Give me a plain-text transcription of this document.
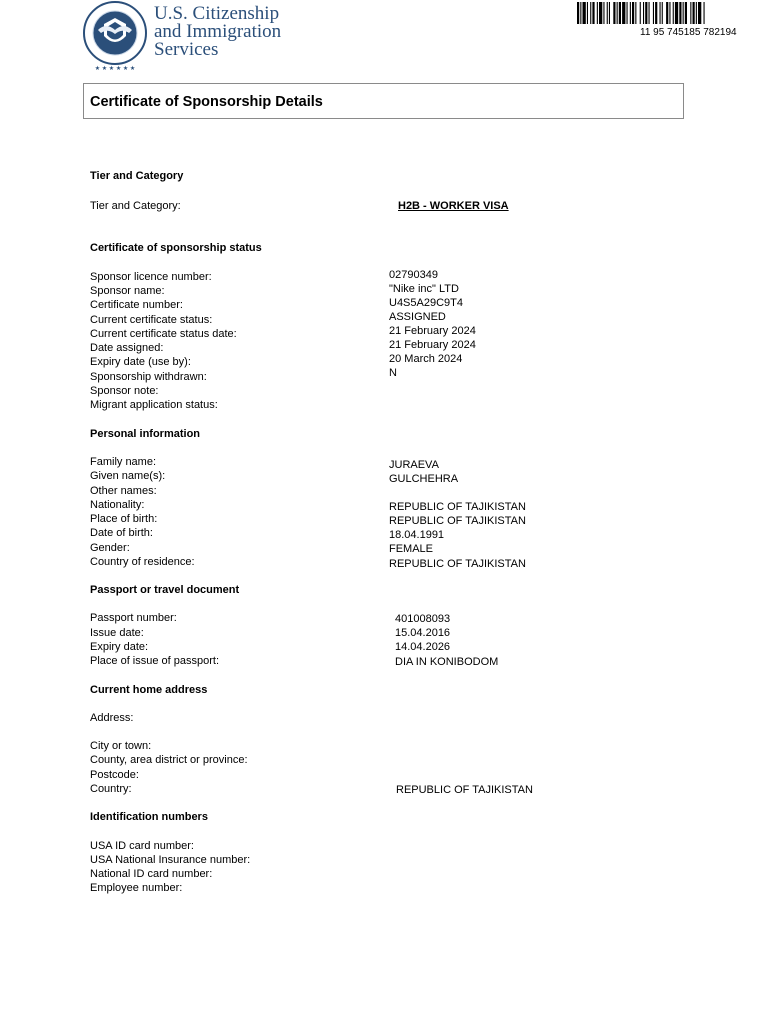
★ ★ ★ ★ ★ ★
U.S. Citizenship
and Immigration
Services
11 95 745185 782194
Certificate of Sponsorship Details
Tier and Category
Tier and Category:	H2B - WORKER VISA
Certificate of sponsorship status
Sponsor licence number:
Sponsor name:
Certificate number:
Current certificate status:
Current certificate status date:
Date assigned:
Expiry date (use by):
Sponsorship withdrawn:
Sponsor note:
Migrant application status:
02790349
"Nike inc" LTD
U4S5A29C9T4
ASSIGNED
21 February 2024
21 February 2024
20 March 2024
N
Personal information
Family name:
Given name(s):
Other names:
Nationality:
Place of birth:
Date of birth:
Gender:
Country of residence:
JURAEVA
GULCHEHRA
REPUBLIC OF TAJIKISTAN
REPUBLIC OF TAJIKISTAN
18.04.1991
FEMALE
REPUBLIC OF TAJIKISTAN
Passport or travel document
Passport number:
Issue date:
Expiry date:
Place of issue of passport:
401008093
15.04.2016
14.04.2026
DIA IN KONIBODOM
Current home address
Address:
City or town:
County, area district or province:
Postcode:
Country:	REPUBLIC OF TAJIKISTAN
Identification numbers
USA ID card number:
USA National Insurance number:
National ID card number:
Employee number:
